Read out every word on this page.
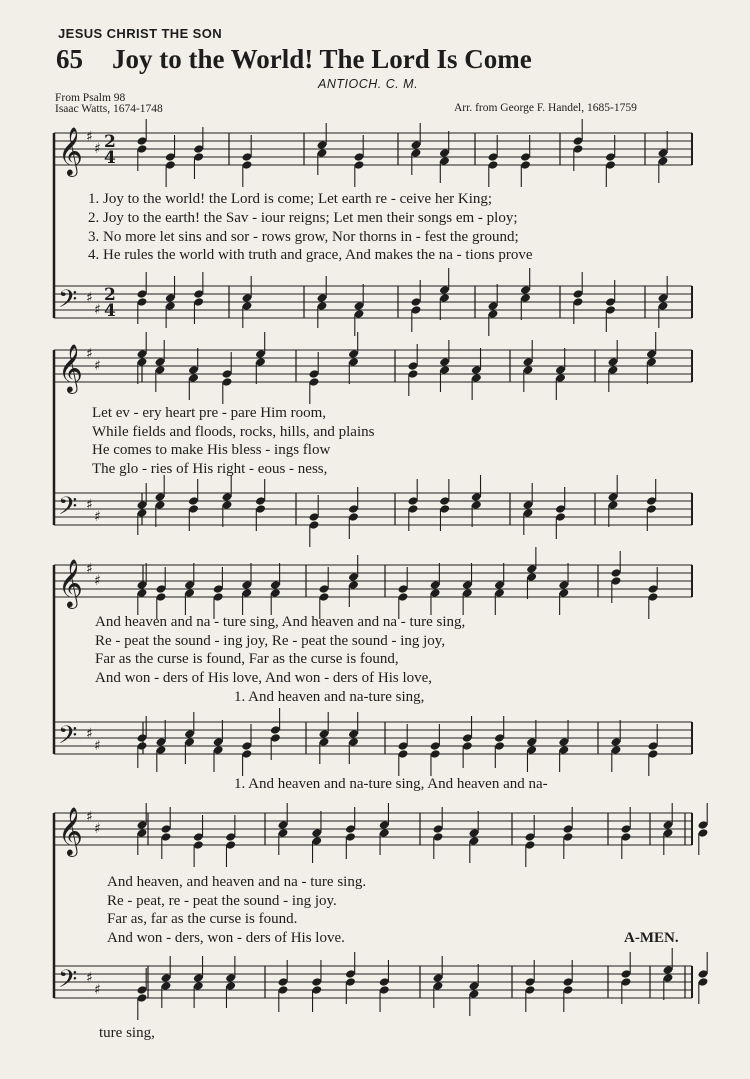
JESUS CHRIST THE SON
65 Joy to the World! The Lord Is Come
ANTIOCH. C. M.
From Psalm 98
Isaac Watts, 1674-1748	Arr. from George F. Handel, 1685-1759
𝄞
𝄢
♯
♯
♯
♯
2
2
4
4
𝄞
𝄢
♯
♯
♯
♯
𝄞
𝄢
♯
♯
♯
♯
𝄞
𝄢
♯
♯
♯
♯
1. Joy to the world! the Lord is come; Let earth re - ceive her King;
2. Joy to the earth! the Sav - iour reigns; Let men their songs em - ploy;
3. No more let sins and sor - rows grow, Nor thorns in - fest the ground;
4. He rules the world with truth and grace, And makes the na - tions prove
Let ev - ery heart pre - pare Him room,
While fields and floods, rocks, hills, and plains
He comes to make His bless - ings flow
The glo - ries of His right - eous - ness,
And heaven and na - ture sing, And heaven and na - ture sing,
Re - peat the sound - ing joy, Re - peat the sound - ing joy,
Far as the curse is found, Far as the curse is found,
And won - ders of His love, And won - ders of His love,
1. And heaven and na-ture sing,
1. And heaven and na-ture sing, And heaven and na-
And heaven, and heaven and na - ture sing.
Re - peat, re - peat the sound - ing joy.
Far as, far as the curse is found.
And won - ders, won - ders of His love.	A-MEN.
ture sing,
